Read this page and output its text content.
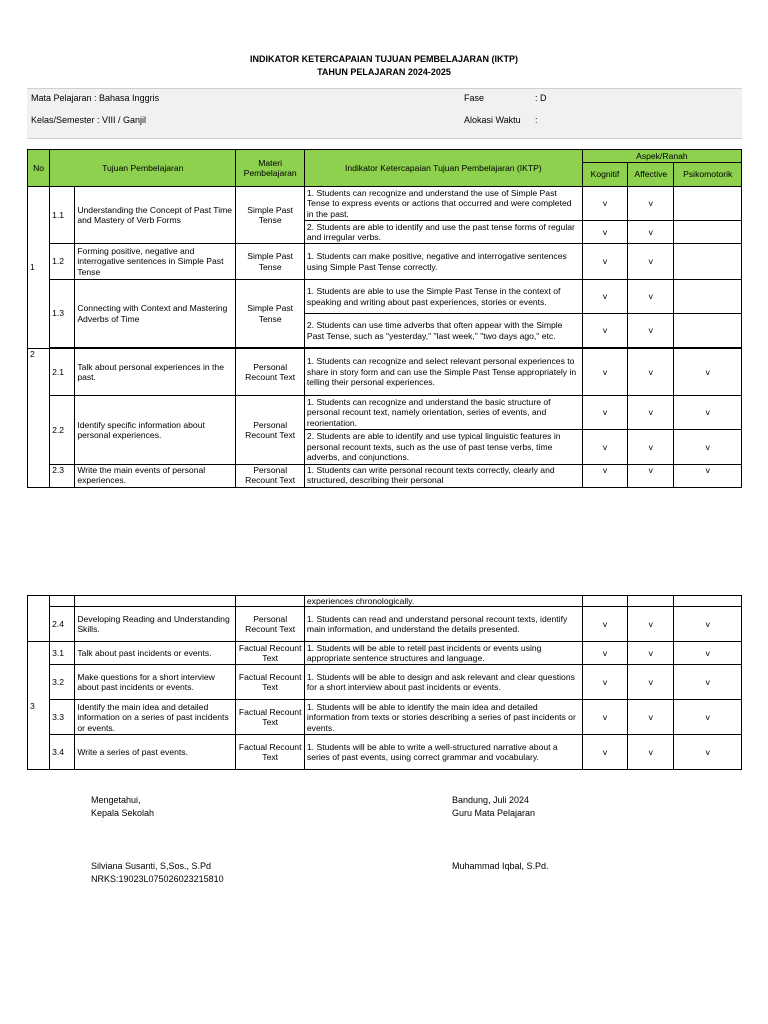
INDIKATOR KETERCAPAIAN TUJUAN PEMBELAJARAN (IKTP)
TAHUN PELAJARAN 2024-2025
Mata Pelajaran : Bahasa Inggris
Kelas/Semester : VIII / Ganjil
Fase	: D
Alokasi Waktu :
No	Tujuan Pembelajaran		Materi Pembelajaran	Indikator Ketercapaian Tujuan Pembelajaran (IKTP)	Aspek/Ranah		
					Kognitif	Affective	Psikomotorik
1	1.1	Understanding the Concept of Past Time and Mastery of Verb Forms	Simple Past Tense	1. Students can recognize and understand the use of Simple Past Tense to express events or actions that occurred and were completed in the past.	v	v	
				2. Students are able to identify and use the past tense forms of regular and irregular verbs.	v	v	
	1.2	Forming positive, negative and interrogative sentences in Simple Past Tense	Simple Past Tense	1. Students can make positive, negative and interrogative sentences using Simple Past Tense correctly.	v	v	
	1.3	Connecting with Context and Mastering Adverbs of Time	Simple Past Tense	1. Students are able to use the Simple Past Tense in the context of speaking and writing about past experiences, stories or events.	v	v	
				2. Students can use time adverbs that often appear with the Simple Past Tense, such as "yesterday," "last week," "two days ago," etc.	v	v	

2	2.1	Talk about personal experiences in the past.	Personal Recount Text	1. Students can recognize and select relevant personal experiences to share in story form and can use the Simple Past Tense appropriately in telling their personal experiences.	v	v	v
	2.2	Identify specific information about personal experiences.	Personal Recount Text	1. Students can recognize and understand the basic structure of personal recount text, namely orientation, series of events, and reorientation.	v	v	v
				2. Students are able to identify and use typical linguistic features in personal recount texts, such as the use of past tense verbs, time adverbs, and conjunctions.	v	v	v
	2.3	Write the main events of personal experiences.	Personal Recount Text	1. Students can write personal recount texts correctly, clearly and structured, describing their personal	v	v	v
				experiences chronologically.			
	2.4	Developing Reading and Understanding Skills.	Personal Recount Text	1. Students can read and understand personal recount texts, identify main information, and understand the details presented.	v	v	v
3	3.1	Talk about past incidents or events.	Factual Recount Text	1. Students will be able to retell past incidents or events using appropriate sentence structures and language.	v	v	v
	3.2	Make questions for a short interview about past incidents or events.	Factual Recount Text	1. Students will be able to design and ask relevant and clear questions for a short interview about past incidents or events.	v	v	v
	3.3	Identify the main idea and detailed information on a series of past incidents or events.	Factual Recount Text	1. Students will be able to identify the main idea and detailed information from texts or stories describing a series of past incidents or events.	v	v	v
	3.4	Write a series of past events.	Factual Recount Text	1. Students will be able to write a well-structured narrative about a series of past events, using correct grammar and vocabulary.	v	v	v
Mengetahui,
Kepala Sekolah
Silviana Susanti, S,Sos., S.Pd
NRKS:19023L075026023215810
Bandung, Juli 2024
Guru Mata Pelajaran
Muhammad Iqbal, S.Pd.
